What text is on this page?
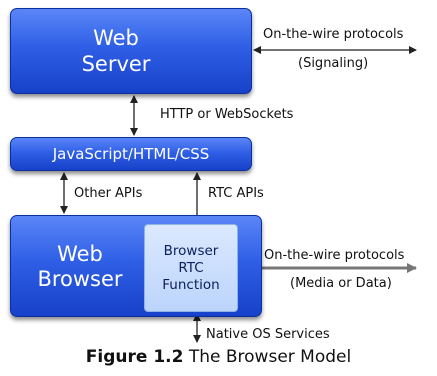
Web
Server
JavaScript/HTML/CSS
Web
Browser
Browser
RTC
Function
On-the-wire protocols
(Signaling)
HTTP or WebSockets
Other APIs	RTC APIs
On-the-wire protocols
(Media or Data)
Native OS Services
Figure 1.2 The Browser Model
